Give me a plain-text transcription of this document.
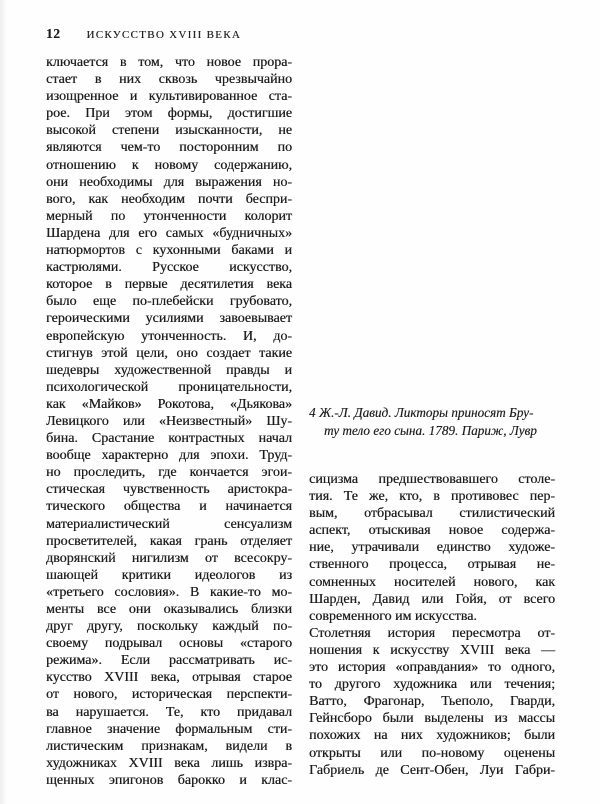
12 ИСКУССТВО XVIII ВЕКА
ключается в том, что новое прора-
стает в них сквозь чрезвычайно
изощренное и культивированное ста-
рое. При этом формы, достигшие
высокой степени изысканности, не
являются чем-то посторонним по
отношению к новому содержанию,
они необходимы для выражения но-
вого, как необходим почти беспри-
мерный по утонченности колорит
Шардена для его самых «будничных»
натюрмортов с кухонными баками и
кастрюлями. Русское искусство,
которое в первые десятилетия века
было еще по-плебейски грубовато,
героическими усилиями завоевывает
европейскую утонченность. И, до-
стигнув этой цели, оно создает такие
шедевры художественной правды и
психологической проницательности,
как «Майков» Рокотова, «Дьякова»
Левицкого или «Неизвестный» Шу-
бина. Срастание контрастных начал
вообще характерно для эпохи. Труд-
но проследить, где кончается эгои-
стическая чувственность аристокра-
тического общества и начинается
материалистический сенсуализм
просветителей, какая грань отделяет
дворянский нигилизм от всесокру-
шающей критики идеологов из
«третьего сословия». В какие-то мо-
менты все они оказывались близки
друг другу, поскольку каждый по-
своему подрывал основы «старого
режима». Если рассматривать ис-
кусство XVIII века, отрывая старое
от нового, историческая перспекти-
ва нарушается. Те, кто придавал
главное значение формальным сти-
листическим признакам, видели в
художниках XVIII века лишь извра-
щенных эпигонов барокко и клас-
4 Ж.-Л. Давид. Ликторы приносят Бру-
ту тело его сына. 1789. Париж, Лувр
сицизма предшествовавшего столе-
тия. Те же, кто, в противовес пер-
вым, отбрасывал стилистический
аспект, отыскивая новое содержа-
ние, утрачивали единство художе-
ственного процесса, отрывая не-
сомненных носителей нового, как
Шарден, Давид или Гойя, от всего
современного им искусства.
Столетняя история пересмотра от-
ношения к искусству XVIII века —
это история «оправдания» то одного,
то другого художника или течения;
Ватто, Фрагонар, Тьеполо, Гварди,
Гейнсборо были выделены из массы
похожих на них художников; были
открыты или по-новому оценены
Габриель де Сент-Обен, Луи Габри-
